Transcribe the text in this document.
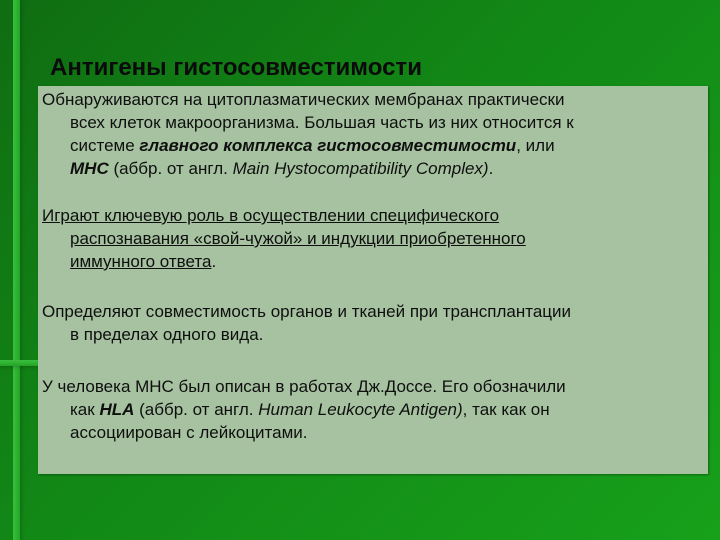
Антигены гистосовместимости
Обнаруживаются на цитоплазматических мембранах практически
всех клеток макроорганизма. Большая часть из них относится к
системе главного комплекса гистосовместимости, или
МНС (аббр. от англ. Main Hystocompatibility Complex).
Играют ключевую роль в осуществлении специфического
распознавания «свой-чужой» и индукции приобретенного
иммунного ответа.
Определяют совместимость органов и тканей при трансплантации
в пределах одного вида.
У человека МНС был описан в работах Дж.Доссе. Его обозначили
как HLA (аббр. от англ. Human Leukocyte Antigen), так как он
ассоциирован с лейкоцитами.
